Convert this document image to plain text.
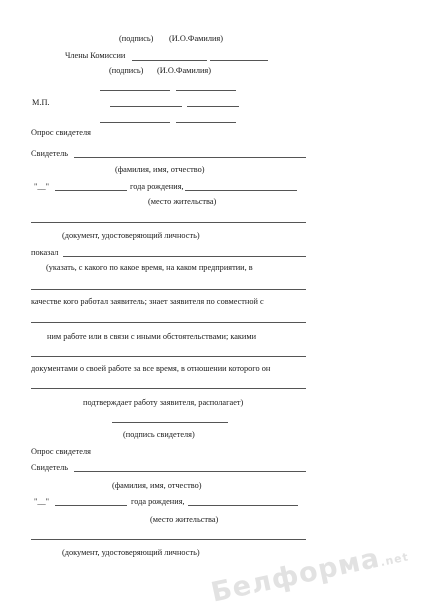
(подпись) (И.О.Фамилия)
Члены Комиссии
(подпись) (И.О.Фамилия)
М.П.
Опрос свидетеля
Свидетель
(фамилия, имя, отчество)
"__"	года рождения,
(место жительства)
(документ, удостоверяющий личность)
показал
(указать, с какого по какое время, на каком предприятии, в
качестве кого работал заявитель; знает заявителя по совместной с
ним работе или в связи с иными обстоятельствами; какими
документами о своей работе за все время, в отношении которого он
подтверждает работу заявителя, располагает)
(подпись свидетеля)
Опрос свидетеля
Свидетель
(фамилия, имя, отчество)
"__"	года рождения,
(место жительства)
(документ, удостоверяющий личность) Белформа.net
